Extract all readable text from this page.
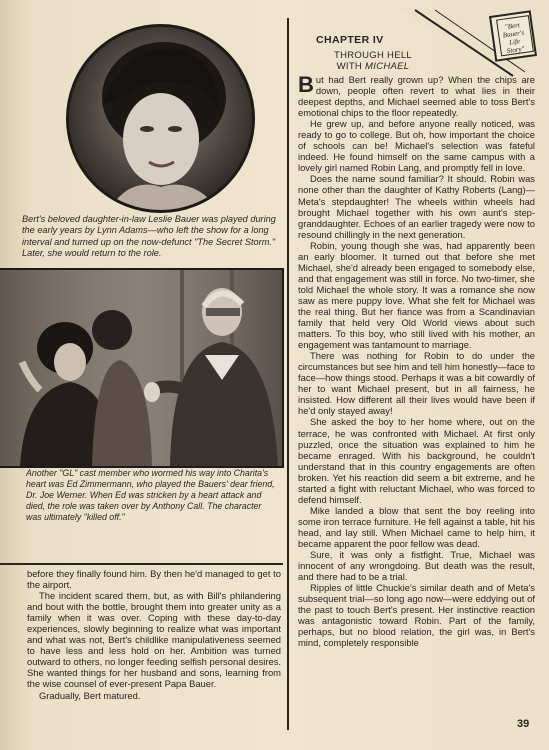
Bert's beloved daughter-in-law Leslie Bauer was played during the early years by Lynn Adams—who left the show for a long interval and turned up on the now-defunct "The Secret Storm." Later, she would return to the role.
Another "GL" cast member who wormed his way into Charita's heart was Ed Zimmermann, who played the Bauers' dear friend, Dr. Joe Werner. When Ed was stricken by a heart attack and died, the role was taken over by Anthony Call. The character was ultimately "killed off."

before they finally found him. By then he'd managed to get to the airport.

The incident scared them, but, as with Bill's philandering and bout with the bottle, brought them into greater unity as a family when it was over. Coping with these day-to-day experiences, slowly beginning to realize what was important and what was not, Bert's childlike manipulativeness seemed to have less and less hold on her. Ambition was turned outward to others, no longer feeding selfish personal desires. She wanted things for her husband and sons, learning from the wise counsel of ever-present Papa Bauer.

Gradually, Bert matured.

"Bert Bauer's Life Story"
CHAPTER IV
THROUGH HELL
WITH MICHAEL

But had Bert really grown up? When the chips are down, people often revert to what lies in their deepest depths, and Michael seemed able to toss Bert's emotional chips to the floor repeatedly.

He grew up, and before anyone really noticed, was ready to go to college. But oh, how important the choice of schools can be! Michael's selection was fateful indeed. He found himself on the same campus with a lovely girl named Robin Lang, and promptly fell in love.

Does the name sound familiar? It should. Robin was none other than the daughter of Kathy Roberts (Lang)—Meta's stepdaughter! The wheels within wheels had brought Michael together with his own aunt's step-granddaughter. Echoes of an earlier tragedy were now to resound chillingly in the next generation.

Robin, young though she was, had apparently been an early bloomer. It turned out that before she met Michael, she'd already been engaged to somebody else, and that engagement was still in force. No two-timer, she told Michael the whole story. It was a romance she now saw as mere puppy love. What she felt for Michael was the real thing. But her fiance was from a Scandinavian family that held very Old World views about such matters. To this boy, who still lived with his mother, an engagement was tantamount to marriage.

There was nothing for Robin to do under the circumstances but see him and tell him honestly—face to face—how things stood. Perhaps it was a bit cowardly of her to want Michael present, but in all fairness, he insisted. How different all their lives would have been if he'd only stayed away!

She asked the boy to her home where, out on the terrace, he was confronted with Michael. At first only puzzled, once the situation was explained to him he became enraged. With his background, he couldn't understand that in this country engagements are often broken. Yet his reaction did seem a bit extreme, and he started a fight with reluctant Michael, who was forced to defend himself.

Mike landed a blow that sent the boy reeling into some iron terrace furniture. He fell against a table, hit his head, and lay still. When Michael came to help him, it became apparent the poor fellow was dead.

Sure, it was only a fistfight. True, Michael was innocent of any wrongdoing. But death was the result, and there had to be a trial.

Ripples of little Chuckie's similar death and of Meta's subsequent trial—so long ago now—were eddying out of the past to touch Bert's present. Her instinctive reaction was antagonistic toward Robin. Part of the family, perhaps, but no blood relation, the girl was, in Bert's mind, completely responsible

39
